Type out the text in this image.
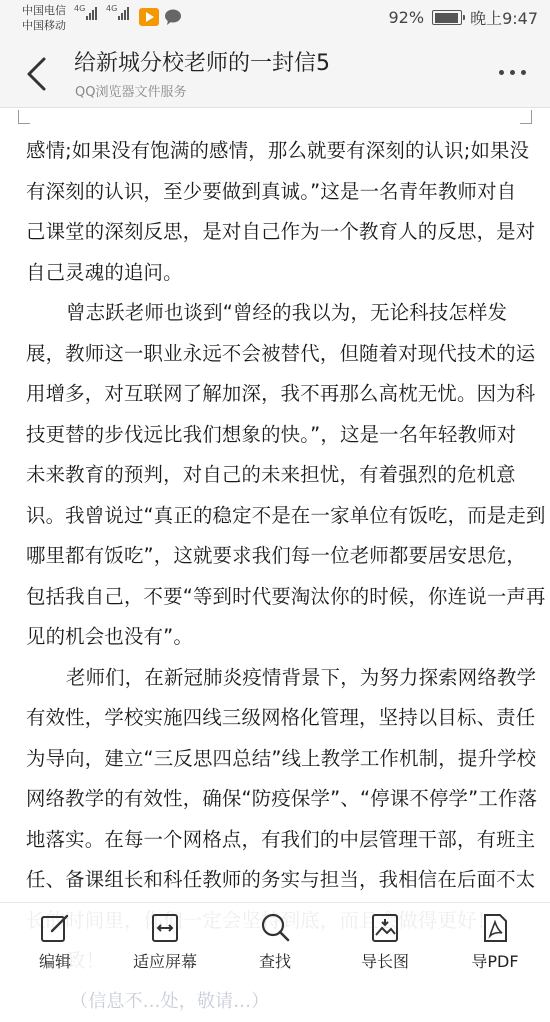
中国电信
中国移动
4G	4G	92%	晚上9:47
给新城分校老师的一封信5
QQ浏览器文件服务

感情;如果没有饱满的感情，那么就要有深刻的认识;如果没
有深刻的认识，至少要做到真诚。”这是一名青年教师对自
己课堂的深刻反思，是对自己作为一个教育人的反思，是对
自己灵魂的追问。

曾志跃老师也谈到“曾经的我以为，无论科技怎样发
展，教师这一职业永远不会被替代，但随着对现代技术的运
用增多，对互联网了解加深，我不再那么高枕无忧。因为科
技更替的步伐远比我们想象的快。”，这是一名年轻教师对
未来教育的预判，对自己的未来担忧，有着强烈的危机意
识。我曾说过“真正的稳定不是在一家单位有饭吃，而是走到
哪里都有饭吃”，这就要求我们每一位老师都要居安思危，
包括我自己，不要“等到时代要淘汰你的时候，你连说一声再
见的机会也没有”。

老师们，在新冠肺炎疫情背景下，为努力探索网络教学
有效性，学校实施四线三级网格化管理，坚持以目标、责任
为导向，建立“三反思四总结”线上教学工作机制，提升学校
网络教学的有效性，确保“防疫保学”、“停课不停学”工作落
地落实。在每一个网格点，有我们的中层管理干部，有班主
任、备课组长和科任教师的务实与担当，我相信在后面不太

（信息不...处，敬请...）

编辑	适应屏幕	查找	导长图	导PDF
